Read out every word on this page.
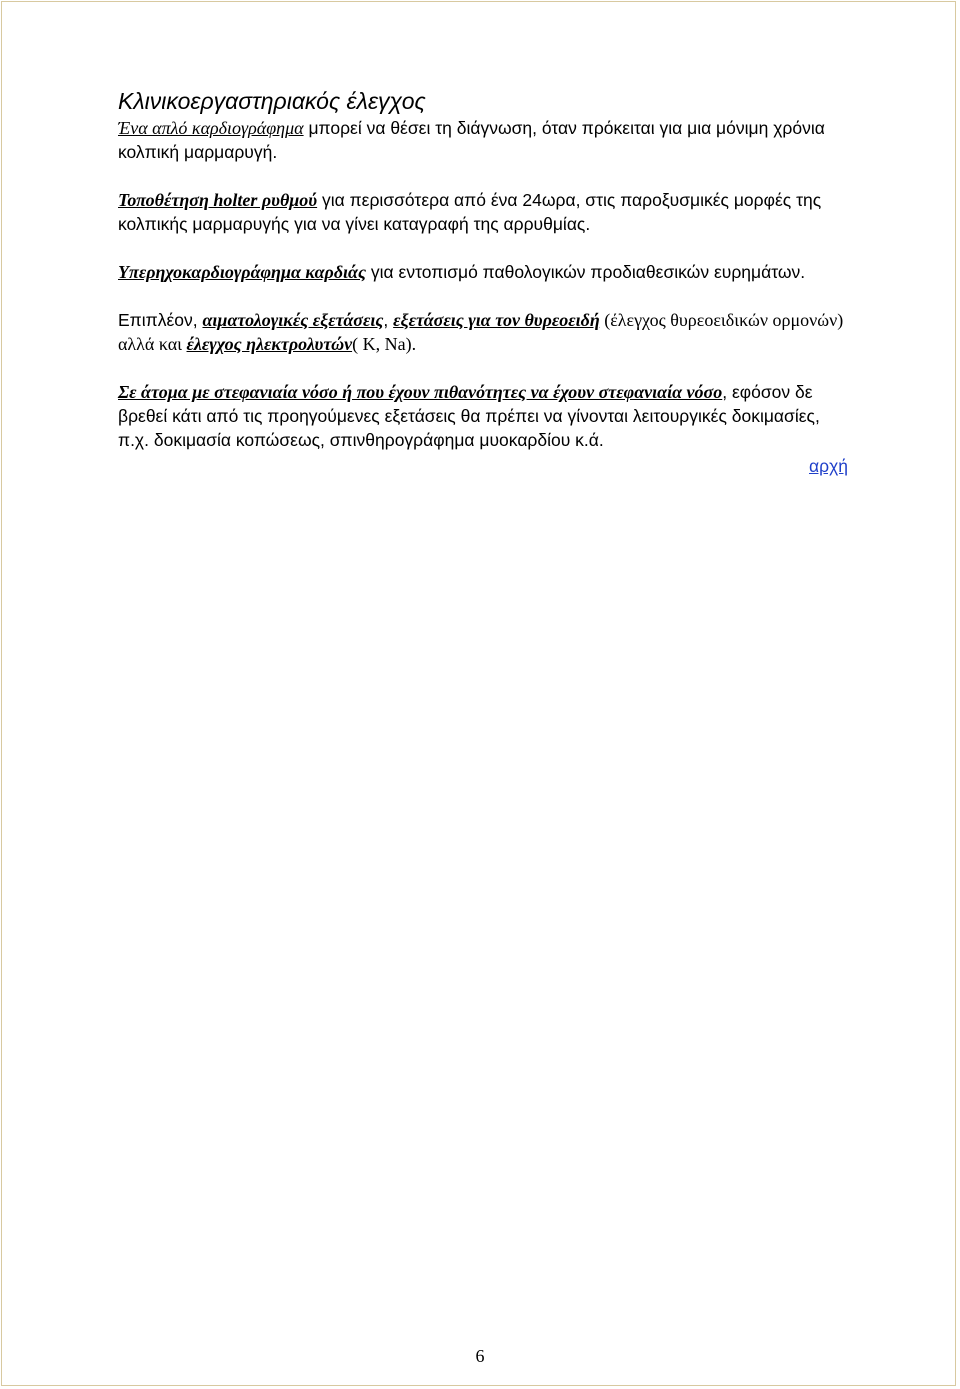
Κλινικοεργαστηριακός έλεγχος

Ένα απλό καρδιογράφημα μπορεί να θέσει τη διάγνωση, όταν πρόκειται για μια μόνιμη χρόνια κολπική μαρμαρυγή.

Τοποθέτηση holter ρυθμού για περισσότερα από ένα 24ωρα, στις παροξυσμικές μορφές της κολπικής μαρμαρυγής για να γίνει καταγραφή της αρρυθμίας.

Υπερηχοκαρδιογράφημα καρδιάς για εντοπισμό παθολογικών προδιαθεσικών ευρημάτων.

Επιπλέον, αιματολογικές εξετάσεις, εξετάσεις για τον θυρεοειδή (έλεγχος θυρεοειδικών ορμονών) αλλά και έλεγχος ηλεκτρολυτών( K, Na).

Σε άτομα με στεφανιαία νόσο ή που έχουν πιθανότητες να έχουν στεφανιαία νόσο, εφόσον δε βρεθεί κάτι από τις προηγούμενες εξετάσεις θα πρέπει να γίνονται λειτουργικές δοκιμασίες, π.χ. δοκιμασία κοπώσεως, σπινθηρογράφημα μυοκαρδίου κ.ά.

αρχή
6
